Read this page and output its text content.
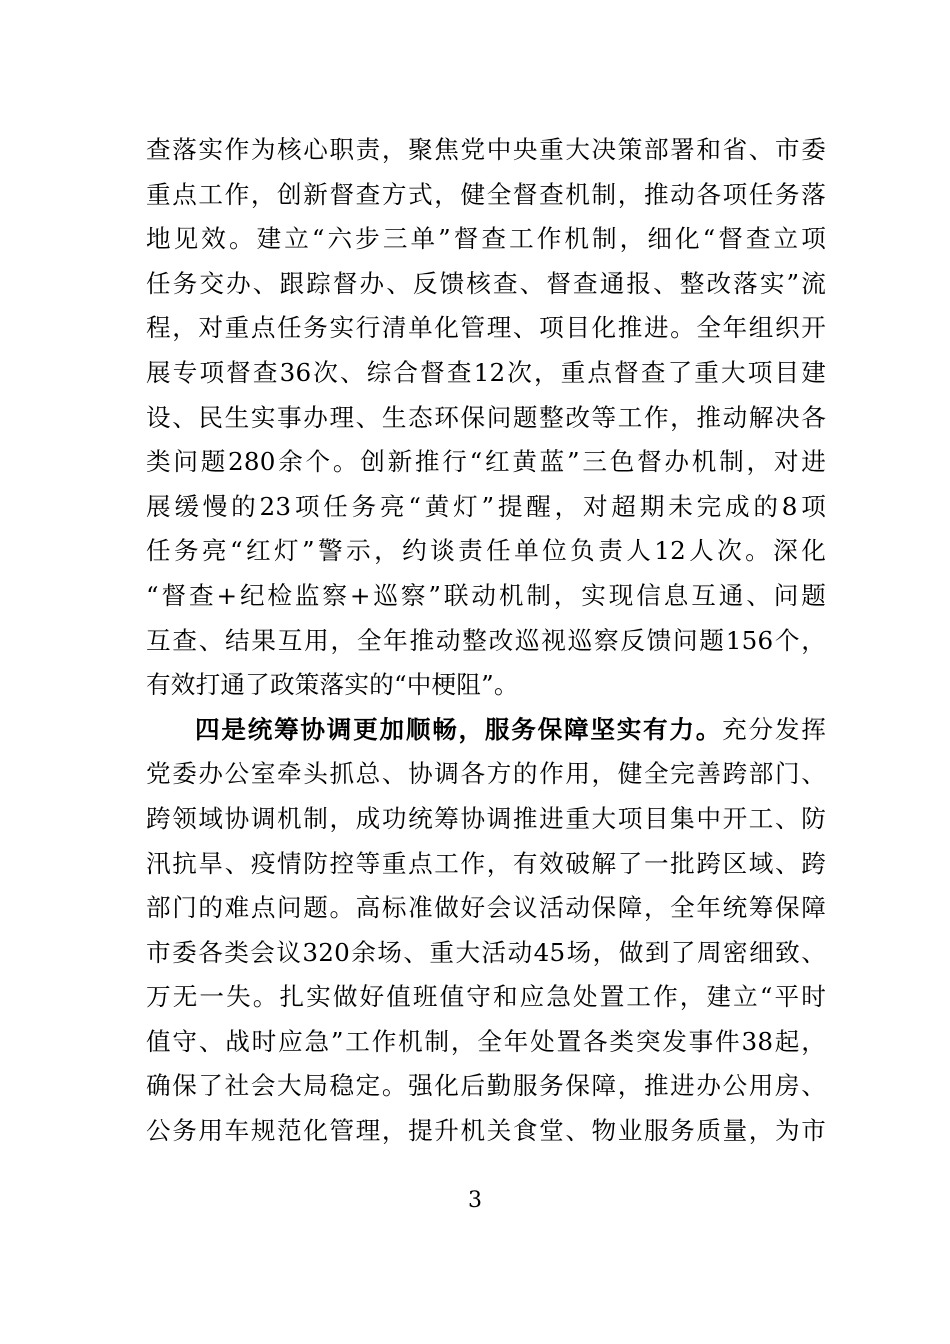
查落实作为核心职责，聚焦党中央重大决策部署和省、市委
重点工作，创新督查方式，健全督查机制，推动各项任务落
地见效。建立“六步三单”督查工作机制，细化“督查立项
任务交办、跟踪督办、反馈核查、督查通报、整改落实”流
程，对重点任务实行清单化管理、项目化推进。全年组织开
展专项督查36次、综合督查12次，重点督查了重大项目建
设、民生实事办理、生态环保问题整改等工作，推动解决各
类问题280余个。创新推行“红黄蓝”三色督办机制，对进
展缓慢的23项任务亮“黄灯”提醒，对超期未完成的8项
任务亮“红灯”警示，约谈责任单位负责人12人次。深化
“督查+纪检监察+巡察”联动机制，实现信息互通、问题
互查、结果互用，全年推动整改巡视巡察反馈问题156个，
有效打通了政策落实的“中梗阻”。
四是统筹协调更加顺畅，服务保障坚实有力。充分发挥
党委办公室牵头抓总、协调各方的作用，健全完善跨部门、
跨领域协调机制，成功统筹协调推进重大项目集中开工、防
汛抗旱、疫情防控等重点工作，有效破解了一批跨区域、跨
部门的难点问题。高标准做好会议活动保障，全年统筹保障
市委各类会议320余场、重大活动45场，做到了周密细致、
万无一失。扎实做好值班值守和应急处置工作，建立“平时
值守、战时应急”工作机制，全年处置各类突发事件38起，
确保了社会大局稳定。强化后勤服务保障，推进办公用房、
公务用车规范化管理，提升机关食堂、物业服务质量，为市
3
